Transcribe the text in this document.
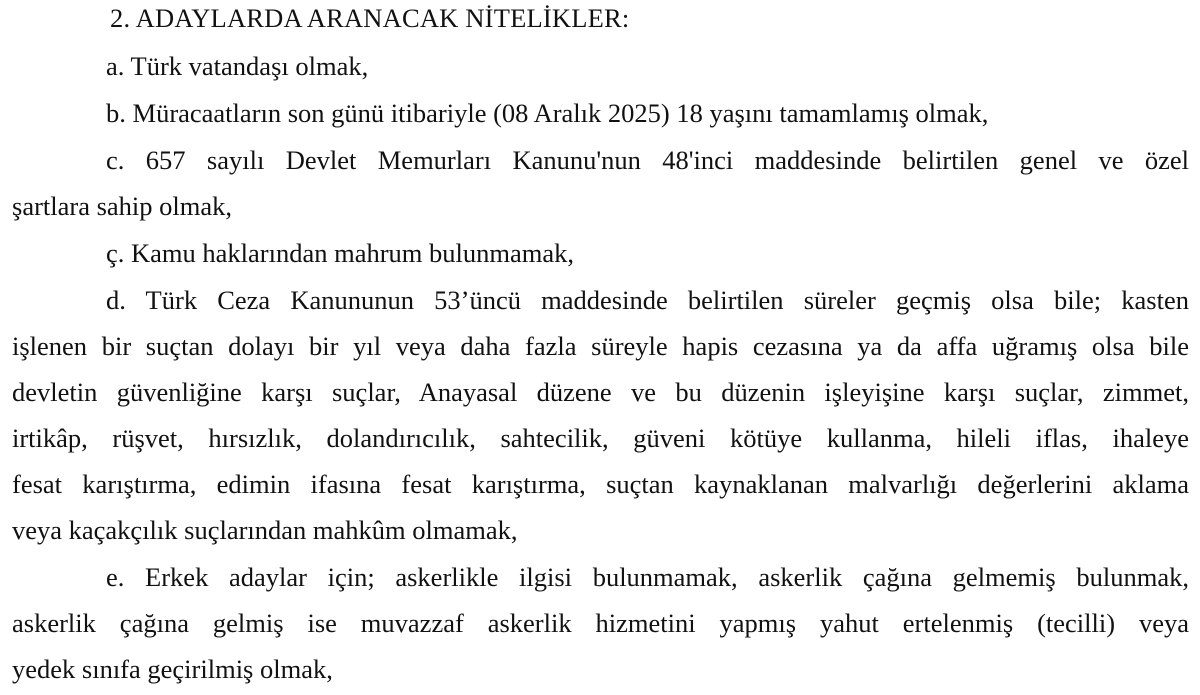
2. ADAYLARDA ARANACAK NİTELİKLER:
a. Türk vatandaşı olmak,
b. Müracaatların son günü itibariyle (08 Aralık 2025) 18 yaşını tamamlamış olmak,
c. 657 sayılı Devlet Memurları Kanunu'nun 48'inci maddesinde belirtilen genel ve özel
şartlara sahip olmak,
ç. Kamu haklarından mahrum bulunmamak,
d. Türk Ceza Kanununun 53’üncü maddesinde belirtilen süreler geçmiş olsa bile; kasten
işlenen bir suçtan dolayı bir yıl veya daha fazla süreyle hapis cezasına ya da affa uğramış olsa bile
devletin güvenliğine karşı suçlar, Anayasal düzene ve bu düzenin işleyişine karşı suçlar, zimmet,
irtikâp, rüşvet, hırsızlık, dolandırıcılık, sahtecilik, güveni kötüye kullanma, hileli iflas, ihaleye
fesat karıştırma, edimin ifasına fesat karıştırma, suçtan kaynaklanan malvarlığı değerlerini aklama
veya kaçakçılık suçlarından mahkûm olmamak,
e. Erkek adaylar için; askerlikle ilgisi bulunmamak, askerlik çağına gelmemiş bulunmak,
askerlik çağına gelmiş ise muvazzaf askerlik hizmetini yapmış yahut ertelenmiş (tecilli) veya
yedek sınıfa geçirilmiş olmak,
